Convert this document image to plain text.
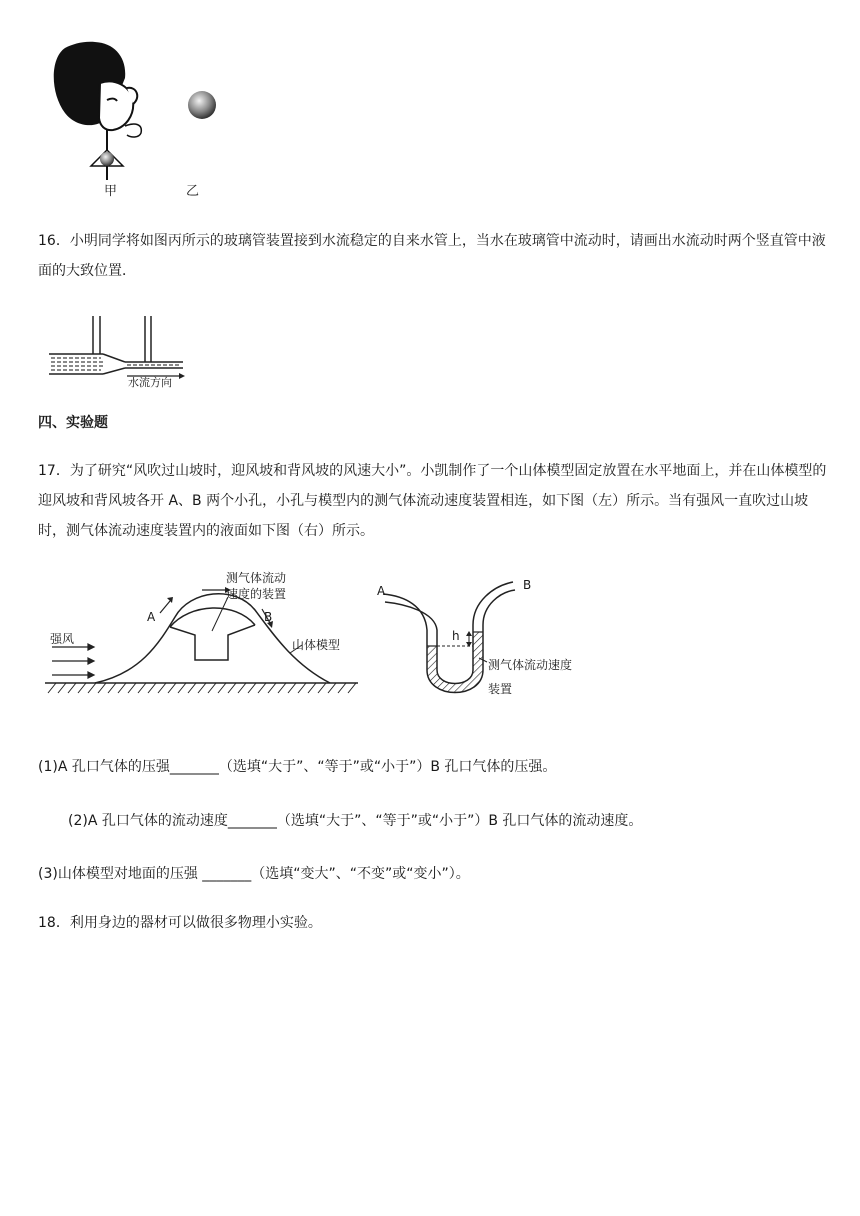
甲	乙
16．小明同学将如图丙所示的玻璃管装置接到水流稳定的自来水管上，当水在玻璃管中流动时，请画出水流动时两个竖直管中液面的大致位置．
水流方向
四、实验题
17．为了研究“风吹过山坡时，迎风坡和背风坡的风速大小”。小凯制作了一个山体模型固定放置在水平地面上，并在山体模型的迎风坡和背风坡各开 A、B 两个小孔，小孔与模型内的测气体流动速度装置相连，如下图（左）所示。当有强风一直吹过山坡时，测气体流动速度装置内的液面如下图（右）所示。
测气体流动
速度的装置
强风	山体模型
A	B
A	B
h
测气体流动速度
装置
(1)A 孔口气体的压强_______（选填“大于”、“等于”或“小于”）B 孔口气体的压强。
(2)A 孔口气体的流动速度_______（选填“大于”、“等于”或“小于”）B 孔口气体的流动速度。
(3)山体模型对地面的压强 _______（选填“变大”、“不变”或“变小”）。
18．利用身边的器材可以做很多物理小实验。
